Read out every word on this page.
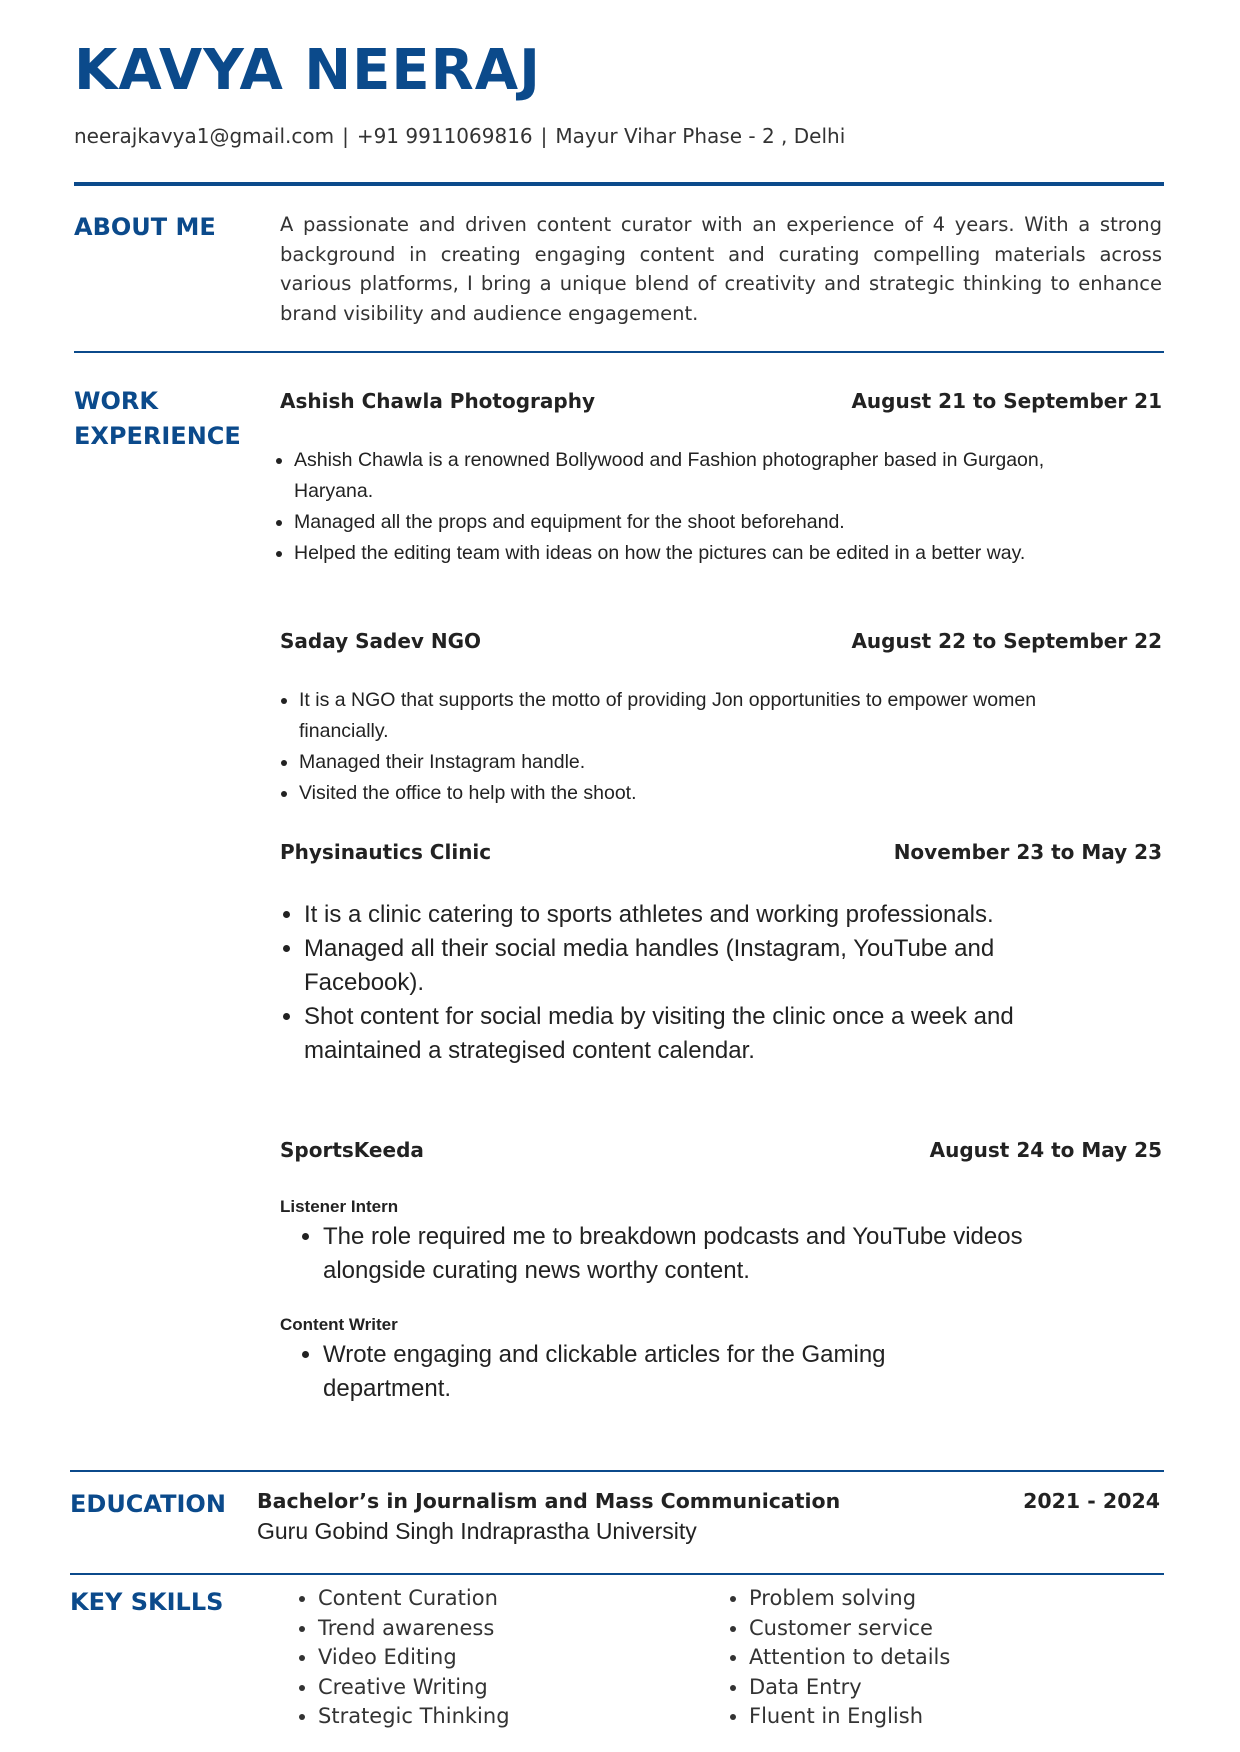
KAVYA NEERAJ
neerajkavya1@gmail.com | +91 9911069816 | Mayur Vihar Phase - 2 , Delhi
ABOUT ME	A passionate and driven content curator with an experience of 4 years. With a strong background in creating engaging content and curating compelling materials across various platforms, I bring a unique blend of creativity and strategic thinking to enhance brand visibility and audience engagement.

WORK
EXPERIENCE
Ashish Chawla Photography	August 21 to September 21
• Ashish Chawla is a renowned Bollywood and Fashion photographer based in Gurgaon, Haryana.
• Managed all the props and equipment for the shoot beforehand.
• Helped the editing team with ideas on how the pictures can be edited in a better way.
Saday Sadev NGO	August 22 to September 22
• It is a NGO that supports the motto of providing Jon opportunities to empower women financially.
• Managed their Instagram handle.
• Visited the office to help with the shoot.
Physinautics Clinic	November 23 to May 23
• It is a clinic catering to sports athletes and working professionals.
• Managed all their social media handles (Instagram, YouTube and Facebook).
• Shot content for social media by visiting the clinic once a week and maintained a strategised content calendar.
SportsKeeda	August 24 to May 25
Listener Intern
• The role required me to breakdown podcasts and YouTube videos alongside curating news worthy content.
Content Writer
• Wrote engaging and clickable articles for the Gaming department.
EDUCATION Bachelor’s in Journalism and Mass Communication	2021 - 2024
Guru Gobind Singh Indraprastha University
KEY SKILLS
•	Content Curation
• Trend awareness
• Video Editing
• Creative Writing
• Strategic Thinking
• Problem solving
• Customer service
• Attention to details
• Data Entry
• Fluent in English
